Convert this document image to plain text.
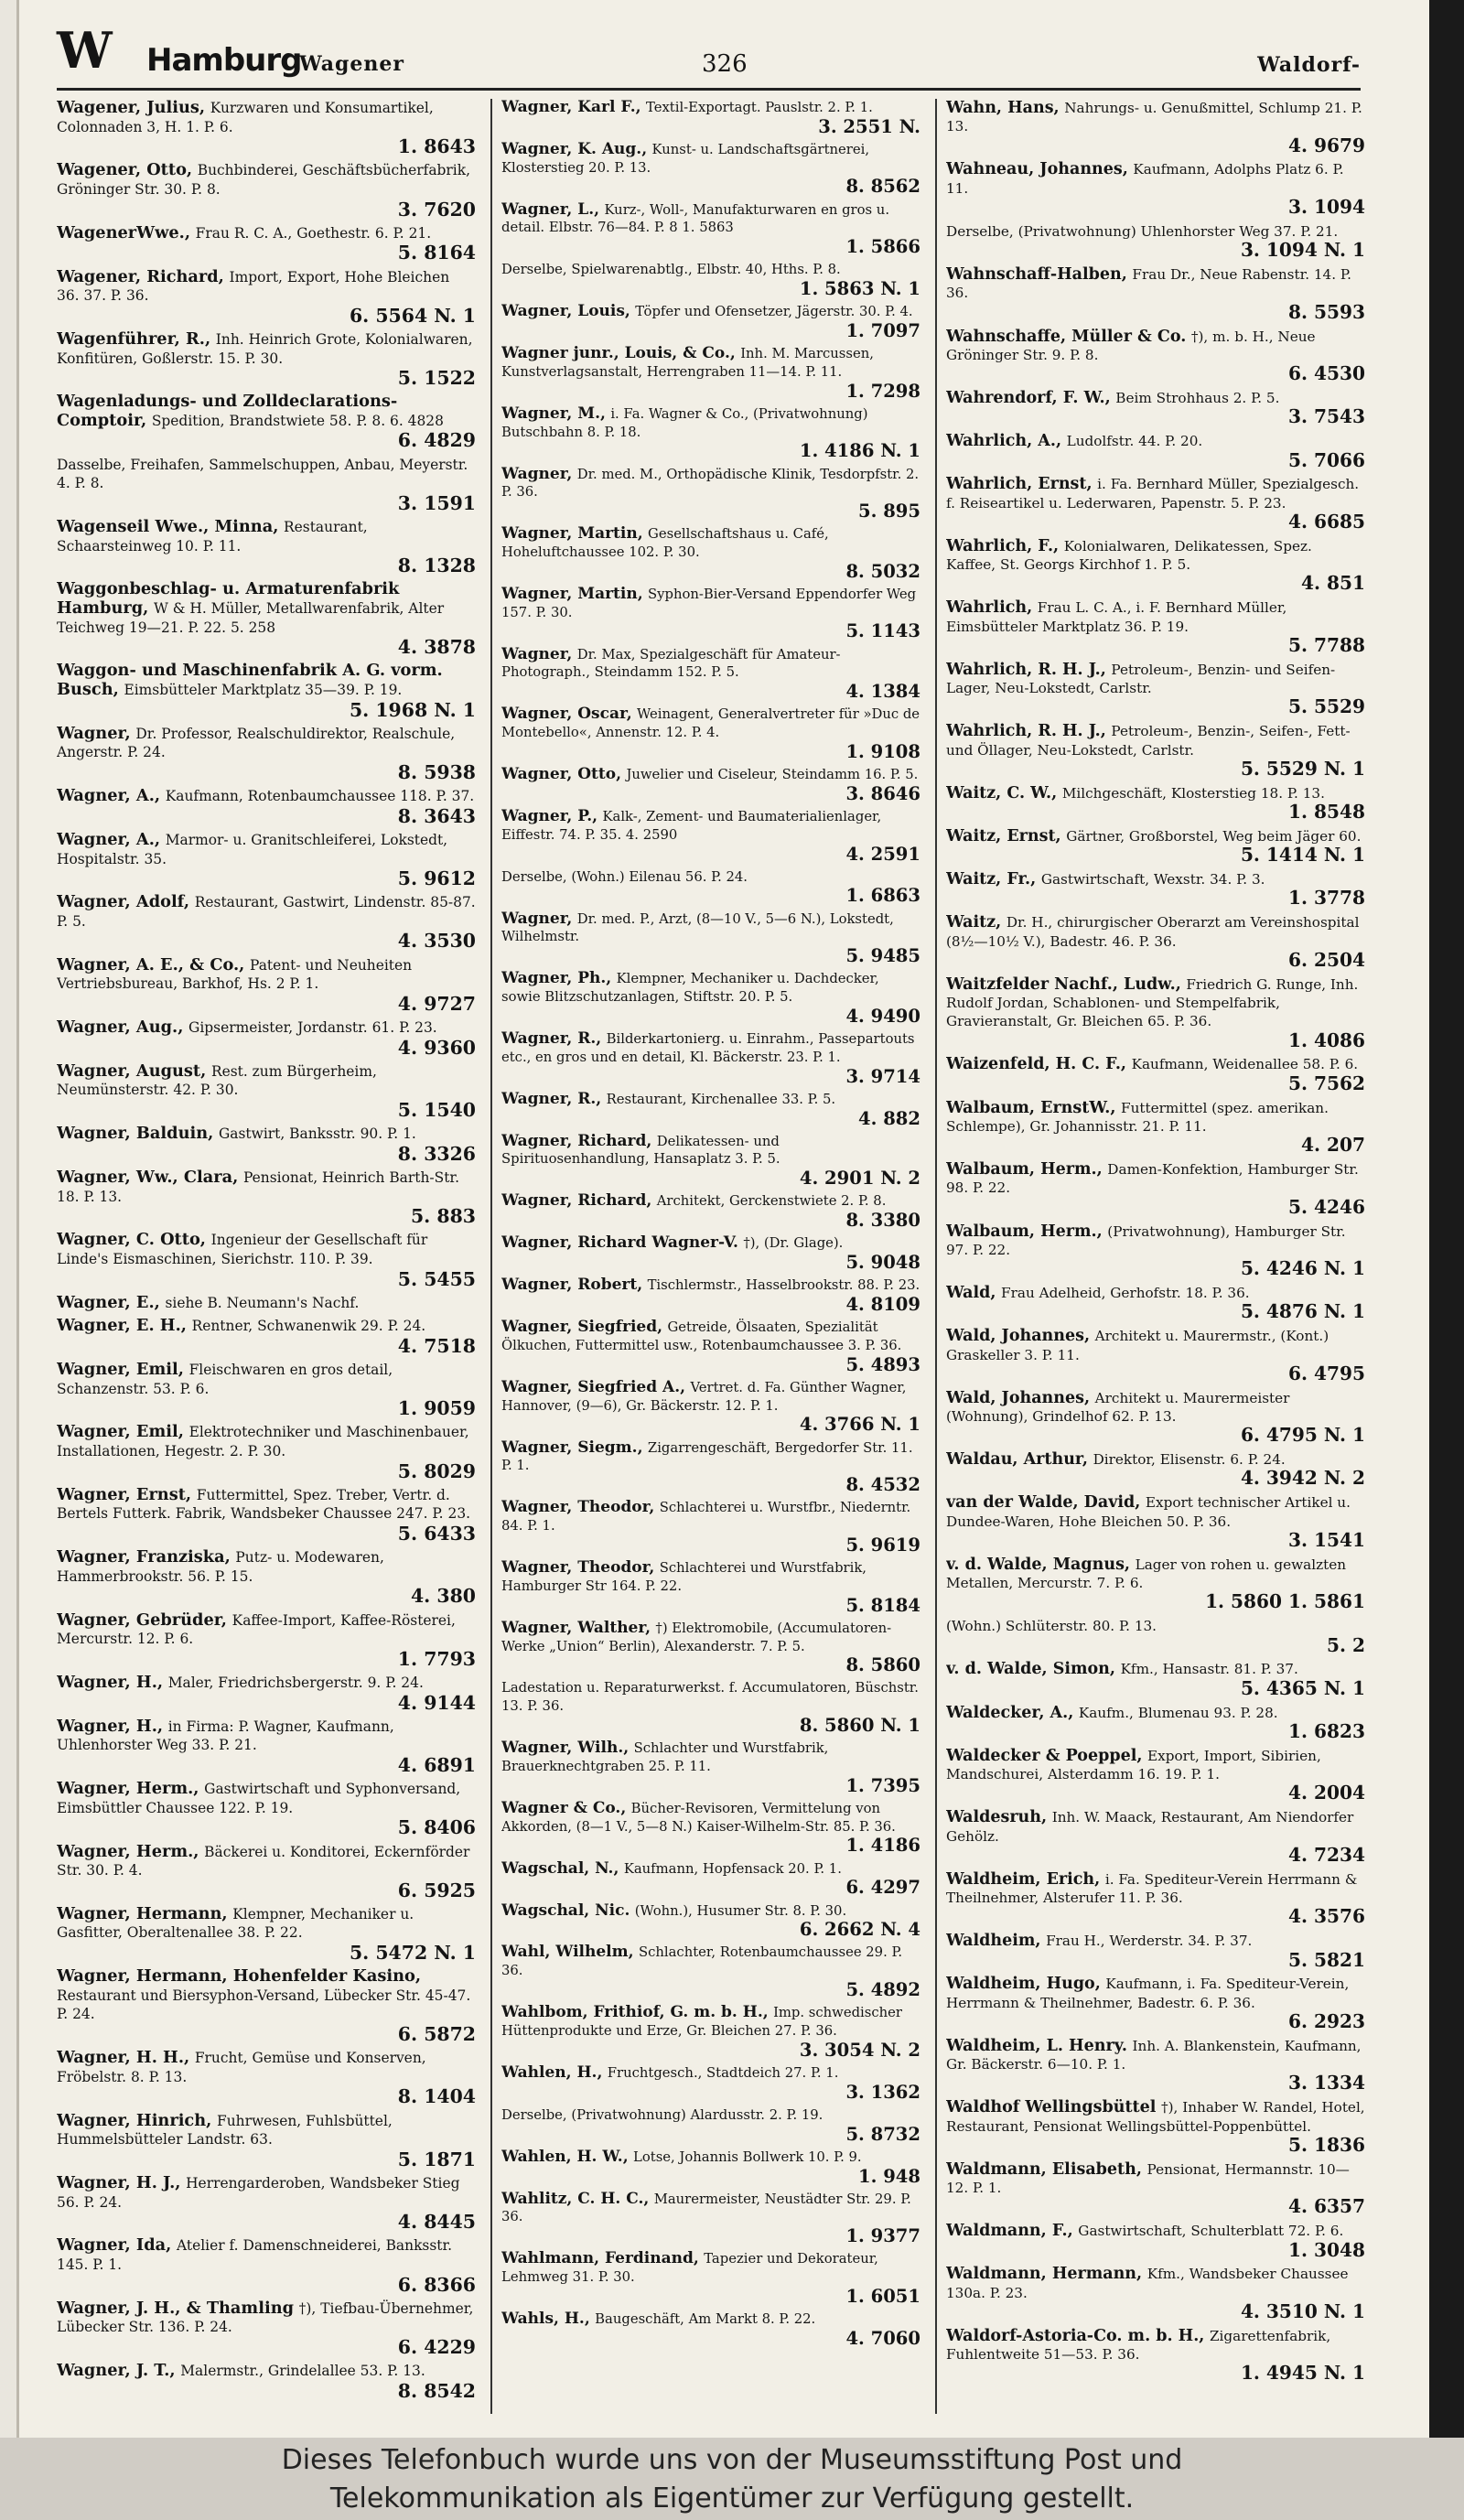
W Hamburg
Wagener	326	Waldorf-
Wagener, Julius, Kurzwaren und Konsumartikel, Colonnaden 3, H. 1. P. 6.
1. 8643
Wagener, Otto, Buchbinderei, Geschäftsbücherfabrik, Gröninger Str. 30. P. 8.
3. 7620
WagenerWwe., Frau R. C. A., Goethestr. 6. P. 21.
5. 8164
Wagener, Richard, Import, Export, Hohe Bleichen 36. 37. P. 36.
6. 5564 N. 1
Wagenführer, R., Inh. Heinrich Grote, Kolonialwaren, Konfitüren, Goßlerstr. 15. P. 30.
5. 1522
Wagenladungs- und Zolldeclarations-Comptoir, Spedition, Brandstwiete 58. P. 8. 6. 4828
6. 4829
Dasselbe, Freihafen, Sammelschuppen, Anbau, Meyerstr. 4. P. 8.
3. 1591
Wagenseil Wwe., Minna, Restaurant, Schaarsteinweg 10. P. 11.
8. 1328
Waggonbeschlag- u. Armaturenfabrik Hamburg, W & H. Müller, Metallwarenfabrik, Alter Teichweg 19—21. P. 22. 5. 258
4. 3878
Waggon- und Maschinenfabrik A. G. vorm. Busch, Eimsbütteler Marktplatz 35—39. P. 19.
5. 1968 N. 1
Wagner, Dr. Professor, Realschuldirektor, Realschule, Angerstr. P. 24.
8. 5938
Wagner, A., Kaufmann, Rotenbaumchaussee 118. P. 37.
8. 3643
Wagner, A., Marmor- u. Granitschleiferei, Lokstedt, Hospitalstr. 35.
5. 9612
Wagner, Adolf, Restaurant, Gastwirt, Lindenstr. 85-87. P. 5.
4. 3530
Wagner, A. E., & Co., Patent- und Neuheiten Vertriebsbureau, Barkhof, Hs. 2 P. 1.
4. 9727
Wagner, Aug., Gipsermeister, Jordanstr. 61. P. 23.
4. 9360
Wagner, August, Rest. zum Bürgerheim, Neumünsterstr. 42. P. 30.
5. 1540
Wagner, Balduin, Gastwirt, Banksstr. 90. P. 1.
8. 3326
Wagner, Ww., Clara, Pensionat, Heinrich Barth-Str. 18. P. 13.
5. 883
Wagner, C. Otto, Ingenieur der Gesellschaft für Linde's Eismaschinen, Sierichstr. 110. P. 39.
5. 5455
Wagner, E., siehe B. Neumann's Nachf.
Wagner, E. H., Rentner, Schwanenwik 29. P. 24.
4. 7518
Wagner, Emil, Fleischwaren en gros detail, Schanzenstr. 53. P. 6.
1. 9059
Wagner, Emil, Elektrotechniker und Maschinenbauer, Installationen, Hegestr. 2. P. 30.
5. 8029
Wagner, Ernst, Futtermittel, Spez. Treber, Vertr. d. Bertels Futterk. Fabrik, Wandsbeker Chaussee 247. P. 23.
5. 6433
Wagner, Franziska, Putz- u. Modewaren, Hammerbrookstr. 56. P. 15.
4. 380
Wagner, Gebrüder, Kaffee-Import, Kaffee-Rösterei, Mercurstr. 12. P. 6.
1. 7793
Wagner, H., Maler, Friedrichsbergerstr. 9. P. 24.
4. 9144
Wagner, H., in Firma: P. Wagner, Kaufmann, Uhlenhorster Weg 33. P. 21.
4. 6891
Wagner, Herm., Gastwirtschaft und Syphonversand, Eimsbüttler Chaussee 122. P. 19.
5. 8406
Wagner, Herm., Bäckerei u. Konditorei, Eckernförder Str. 30. P. 4.
6. 5925
Wagner, Hermann, Klempner, Mechaniker u. Gasfitter, Oberaltenallee 38. P. 22.
5. 5472 N. 1
Wagner, Hermann, Hohenfelder Kasino, Restaurant und Biersyphon-Versand, Lübecker Str. 45-47. P. 24.
6. 5872
Wagner, H. H., Frucht, Gemüse und Konserven, Fröbelstr. 8. P. 13.
8. 1404
Wagner, Hinrich, Fuhrwesen, Fuhlsbüttel, Hummelsbütteler Landstr. 63.
5. 1871
Wagner, H. J., Herrengarderoben, Wandsbeker Stieg 56. P. 24.
4. 8445
Wagner, Ida, Atelier f. Damenschneiderei, Banksstr. 145. P. 1.
6. 8366
Wagner, J. H., & Thamling †), Tiefbau-Übernehmer, Lübecker Str. 136. P. 24.
6. 4229
Wagner, J. T., Malermstr., Grindelallee 53. P. 13.
8. 8542
Wagner, Karl F., Textil-Exportagt. Pauslstr. 2. P. 1.
3. 2551 N.
Wagner, K. Aug., Kunst- u. Landschaftsgärtnerei, Klosterstieg 20. P. 13.
8. 8562
Wagner, L., Kurz-, Woll-, Manufakturwaren en gros u. detail. Elbstr. 76—84. P. 8 1. 5863
1. 5866
Derselbe, Spielwarenabtlg., Elbstr. 40, Hths. P. 8.
1. 5863 N. 1
Wagner, Louis, Töpfer und Ofensetzer, Jägerstr. 30. P. 4.
1. 7097
Wagner junr., Louis, & Co., Inh. M. Marcussen, Kunstverlagsanstalt, Herrengraben 11—14. P. 11.
1. 7298
Wagner, M., i. Fa. Wagner & Co., (Privatwohnung) Butschbahn 8. P. 18.
1. 4186 N. 1
Wagner, Dr. med. M., Orthopädische Klinik, Tesdorpfstr. 2. P. 36.
5. 895
Wagner, Martin, Gesellschaftshaus u. Café, Hoheluftchaussee 102. P. 30.
8. 5032
Wagner, Martin, Syphon-Bier-Versand Eppendorfer Weg 157. P. 30.
5. 1143
Wagner, Dr. Max, Spezialgeschäft für Amateur-Photograph., Steindamm 152. P. 5.
4. 1384
Wagner, Oscar, Weinagent, Generalvertreter für »Duc de Montebello«, Annenstr. 12. P. 4.
1. 9108
Wagner, Otto, Juwelier und Ciseleur, Steindamm 16. P. 5.
3. 8646
Wagner, P., Kalk-, Zement- und Baumaterialienlager, Eiffestr. 74. P. 35. 4. 2590
4. 2591
Derselbe, (Wohn.) Eilenau 56. P. 24.
1. 6863
Wagner, Dr. med. P., Arzt, (8—10 V., 5—6 N.), Lokstedt, Wilhelmstr.
5. 9485
Wagner, Ph., Klempner, Mechaniker u. Dachdecker, sowie Blitzschutzanlagen, Stiftstr. 20. P. 5.
4. 9490
Wagner, R., Bilderkartonierg. u. Einrahm., Passepartouts etc., en gros und en detail, Kl. Bäckerstr. 23. P. 1.
3. 9714
Wagner, R., Restaurant, Kirchenallee 33. P. 5.
4. 882
Wagner, Richard, Delikatessen- und Spirituosenhandlung, Hansaplatz 3. P. 5.
4. 2901 N. 2
Wagner, Richard, Architekt, Gerckenstwiete 2. P. 8.
8. 3380
Wagner, Richard Wagner-V. †), (Dr. Glage).
5. 9048
Wagner, Robert, Tischlermstr., Hasselbrookstr. 88. P. 23.
4. 8109
Wagner, Siegfried, Getreide, Ölsaaten, Spezialität Ölkuchen, Futtermittel usw., Rotenbaumchaussee 3. P. 36.
5. 4893
Wagner, Siegfried A., Vertret. d. Fa. Günther Wagner, Hannover, (9—6), Gr. Bäckerstr. 12. P. 1.
4. 3766 N. 1
Wagner, Siegm., Zigarrengeschäft, Bergedorfer Str. 11. P. 1.
8. 4532
Wagner, Theodor, Schlachterei u. Wurstfbr., Niederntr. 84. P. 1.
5. 9619
Wagner, Theodor, Schlachterei und Wurstfabrik, Hamburger Str 164. P. 22.
5. 8184
Wagner, Walther, †) Elektromobile, (Accumulatoren-Werke „Union“ Berlin), Alexanderstr. 7. P. 5.
8. 5860
Ladestation u. Reparaturwerkst. f. Accumulatoren, Büschstr. 13. P. 36.
8. 5860 N. 1
Wagner, Wilh., Schlachter und Wurstfabrik, Brauerknechtgraben 25. P. 11.
1. 7395
Wagner & Co., Bücher-Revisoren, Vermittelung von Akkorden, (8—1 V., 5—8 N.) Kaiser-Wilhelm-Str. 85. P. 36.
1. 4186
Wagschal, N., Kaufmann, Hopfensack 20. P. 1.
6. 4297
Wagschal, Nic. (Wohn.), Husumer Str. 8. P. 30.
6. 2662 N. 4
Wahl, Wilhelm, Schlachter, Rotenbaumchaussee 29. P. 36.
5. 4892
Wahlbom, Frithiof, G. m. b. H., Imp. schwedischer Hüttenprodukte und Erze, Gr. Bleichen 27. P. 36.
3. 3054 N. 2
Wahlen, H., Fruchtgesch., Stadtdeich 27. P. 1.
3. 1362
Derselbe, (Privatwohnung) Alardusstr. 2. P. 19.
5. 8732
Wahlen, H. W., Lotse, Johannis Bollwerk 10. P. 9.
1. 948
Wahlitz, C. H. C., Maurermeister, Neustädter Str. 29. P. 36.
1. 9377
Wahlmann, Ferdinand, Tapezier und Dekorateur, Lehmweg 31. P. 30.
1. 6051
Wahls, H., Baugeschäft, Am Markt 8. P. 22.
4. 7060
Wahn, Hans, Nahrungs- u. Genußmittel, Schlump 21. P. 13.
4. 9679
Wahneau, Johannes, Kaufmann, Adolphs Platz 6. P. 11.
3. 1094
Derselbe, (Privatwohnung) Uhlenhorster Weg 37. P. 21.
3. 1094 N. 1
Wahnschaff-Halben, Frau Dr., Neue Rabenstr. 14. P. 36.
8. 5593
Wahnschaffe, Müller & Co. †), m. b. H., Neue Gröninger Str. 9. P. 8.
6. 4530
Wahrendorf, F. W., Beim Strohhaus 2. P. 5.
3. 7543
Wahrlich, A., Ludolfstr. 44. P. 20.
5. 7066
Wahrlich, Ernst, i. Fa. Bernhard Müller, Spezialgesch. f. Reiseartikel u. Lederwaren, Papenstr. 5. P. 23.
4. 6685
Wahrlich, F., Kolonialwaren, Delikatessen, Spez. Kaffee, St. Georgs Kirchhof 1. P. 5.
4. 851
Wahrlich, Frau L. C. A., i. F. Bernhard Müller, Eimsbütteler Marktplatz 36. P. 19.
5. 7788
Wahrlich, R. H. J., Petroleum-, Benzin- und Seifen-Lager, Neu-Lokstedt, Carlstr.
5. 5529
Wahrlich, R. H. J., Petroleum-, Benzin-, Seifen-, Fett- und Öllager, Neu-Lokstedt, Carlstr.
5. 5529 N. 1
Waitz, C. W., Milchgeschäft, Klosterstieg 18. P. 13.
1. 8548
Waitz, Ernst, Gärtner, Großborstel, Weg beim Jäger 60.
5. 1414 N. 1
Waitz, Fr., Gastwirtschaft, Wexstr. 34. P. 3.
1. 3778
Waitz, Dr. H., chirurgischer Oberarzt am Vereinshospital (8½—10½ V.), Badestr. 46. P. 36.
6. 2504
Waitzfelder Nachf., Ludw., Friedrich G. Runge, Inh. Rudolf Jordan, Schablonen- und Stempelfabrik, Gravieranstalt, Gr. Bleichen 65. P. 36.
1. 4086
Waizenfeld, H. C. F., Kaufmann, Weidenallee 58. P. 6.
5. 7562
Walbaum, ErnstW., Futtermittel (spez. amerikan. Schlempe), Gr. Johannisstr. 21. P. 11.
4. 207
Walbaum, Herm., Damen-Konfektion, Hamburger Str. 98. P. 22.
5. 4246
Walbaum, Herm., (Privatwohnung), Hamburger Str. 97. P. 22.
5. 4246 N. 1
Wald, Frau Adelheid, Gerhofstr. 18. P. 36.
5. 4876 N. 1
Wald, Johannes, Architekt u. Maurermstr., (Kont.) Graskeller 3. P. 11.
6. 4795
Wald, Johannes, Architekt u. Maurermeister (Wohnung), Grindelhof 62. P. 13.
6. 4795 N. 1
Waldau, Arthur, Direktor, Elisenstr. 6. P. 24.
4. 3942 N. 2
van der Walde, David, Export technischer Artikel u. Dundee-Waren, Hohe Bleichen 50. P. 36.
3. 1541
v. d. Walde, Magnus, Lager von rohen u. gewalzten Metallen, Mercurstr. 7. P. 6.
1. 5860 1. 5861
(Wohn.) Schlüterstr. 80. P. 13.
5. 2
v. d. Walde, Simon, Kfm., Hansastr. 81. P. 37.
5. 4365 N. 1
Waldecker, A., Kaufm., Blumenau 93. P. 28.
1. 6823
Waldecker & Poeppel, Export, Import, Sibirien, Mandschurei, Alsterdamm 16. 19. P. 1.
4. 2004
Waldesruh, Inh. W. Maack, Restaurant, Am Niendorfer Gehölz.
4. 7234
Waldheim, Erich, i. Fa. Spediteur-Verein Herrmann & Theilnehmer, Alsterufer 11. P. 36.
4. 3576
Waldheim, Frau H., Werderstr. 34. P. 37.
5. 5821
Waldheim, Hugo, Kaufmann, i. Fa. Spediteur-Verein, Herrmann & Theilnehmer, Badestr. 6. P. 36.
6. 2923
Waldheim, L. Henry. Inh. A. Blankenstein, Kaufmann, Gr. Bäckerstr. 6—10. P. 1.
3. 1334
Waldhof Wellingsbüttel †), Inhaber W. Randel, Hotel, Restaurant, Pensionat Wellingsbüttel-Poppenbüttel.
5. 1836
Waldmann, Elisabeth, Pensionat, Hermannstr. 10—12. P. 1.
4. 6357
Waldmann, F., Gastwirtschaft, Schulterblatt 72. P. 6.
1. 3048
Waldmann, Hermann, Kfm., Wandsbeker Chaussee 130a. P. 23.
4. 3510 N. 1
Waldorf-Astoria-Co. m. b. H., Zigarettenfabrik, Fuhlentweite 51—53. P. 36.
1. 4945 N. 1
Dieses Telefonbuch wurde uns von der Museumsstiftung Post und
Telekommunikation als Eigentümer zur Verfügung gestellt.
